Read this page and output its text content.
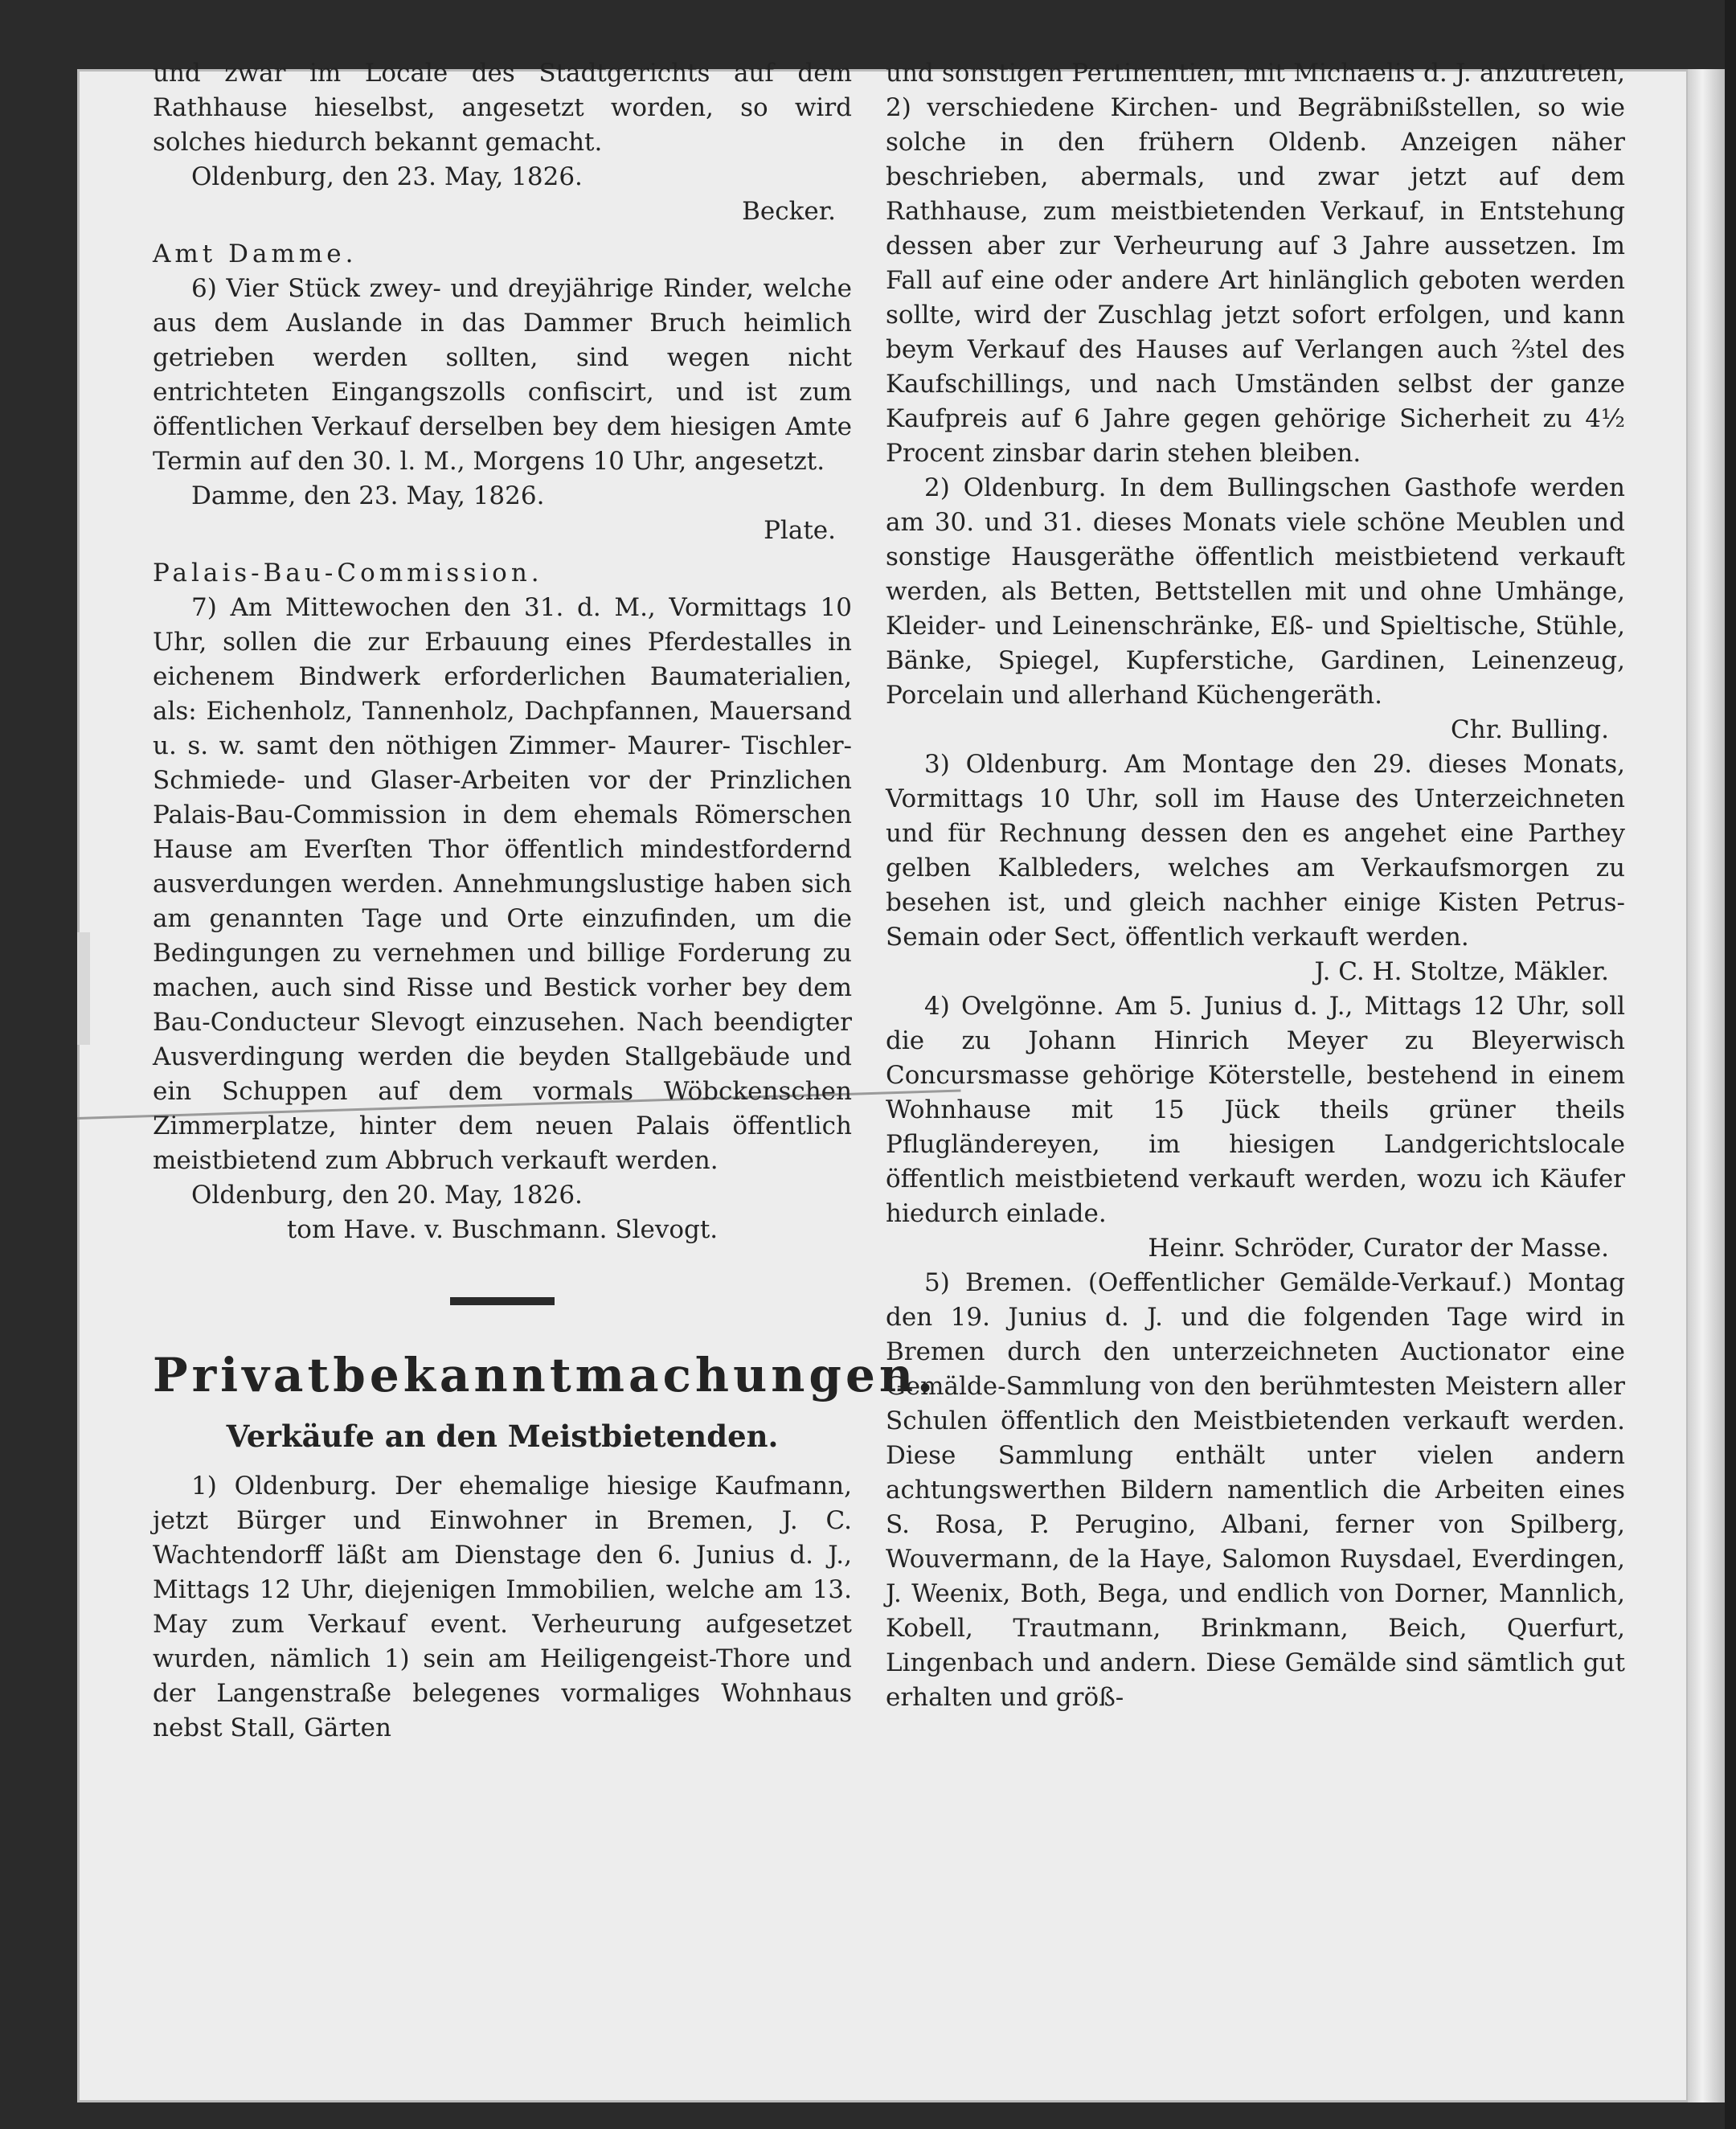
und zwar im Locale des Stadtgerichts auf dem Rathhause hieselbst, angesetzt worden, so wird solches hiedurch bekannt gemacht.

Oldenburg, den 23. May, 1826.

Becker.

Amt Damme.

6) Vier Stück zwey- und dreyjährige Rinder, welche aus dem Auslande in das Dammer Bruch heimlich getrieben werden sollten, sind wegen nicht entrichteten Eingangszolls confiscirt, und ist zum öffentlichen Verkauf derselben bey dem hiesigen Amte Termin auf den 30. l. M., Morgens 10 Uhr, angesetzt.

Damme, den 23. May, 1826.

Plate.

Palais-Bau-Commission.

7) Am Mittewochen den 31. d. M., Vormittags 10 Uhr, sollen die zur Erbauung eines Pferdestalles in eichenem Bindwerk erforderlichen Baumaterialien, als: Eichenholz, Tannenholz, Dachpfannen, Mauersand u. s. w. samt den nöthigen Zimmer- Maurer- Tischler- Schmiede- und Glaser-Arbeiten vor der Prinzlichen Palais-Bau-Commission in dem ehemals Römerschen Hause am Everſten Thor öffentlich mindestfordernd ausverdungen werden. Annehmungslustige haben sich am genannten Tage und Orte einzufinden, um die Bedingungen zu vernehmen und billige Forderung zu machen, auch sind Risse und Bestick vorher bey dem Bau-Conducteur Slevogt einzusehen. Nach beendigter Ausverdingung werden die beyden Stallgebäude und ein Schuppen auf dem vormals Wöbckenschen Zimmerplatze, hinter dem neuen Palais öffentlich meistbietend zum Abbruch verkauft werden.

Oldenburg, den 20. May, 1826.

tom Have. v. Buschmann. Slevogt.

Privatbekanntmachungen.

Verkäufe an den Meistbietenden.

1) Oldenburg. Der ehemalige hiesige Kaufmann, jetzt Bürger und Einwohner in Bremen, J. C. Wachtendorff läßt am Dienstage den 6. Junius d. J., Mittags 12 Uhr, diejenigen Immobilien, welche am 13. May zum Verkauf event. Verheurung aufgesetzet wurden, nämlich 1) sein am Heiligengeist-Thore und der Langenstraße belegenes vormaliges Wohnhaus nebst Stall, Gärten

und sonstigen Pertinentien, mit Michaelis d. J. anzutreten, 2) verschiedene Kirchen- und Begräbnißstellen, so wie solche in den frühern Oldenb. Anzeigen näher beschrieben, abermals, und zwar jetzt auf dem Rathhause, zum meistbietenden Verkauf, in Entstehung dessen aber zur Verheurung auf 3 Jahre aussetzen. Im Fall auf eine oder andere Art hinlänglich geboten werden sollte, wird der Zuschlag jetzt sofort erfolgen, und kann beym Verkauf des Hauses auf Verlangen auch ⅔tel des Kaufschillings, und nach Umständen selbst der ganze Kaufpreis auf 6 Jahre gegen gehörige Sicherheit zu 4½ Procent zinsbar darin stehen bleiben.

2) Oldenburg. In dem Bullingschen Gasthofe werden am 30. und 31. dieses Monats viele schöne Meublen und sonstige Hausgeräthe öffentlich meistbietend verkauft werden, als Betten, Bettstellen mit und ohne Umhänge, Kleider- und Leinenschränke, Eß- und Spieltische, Stühle, Bänke, Spiegel, Kupferstiche, Gardinen, Leinenzeug, Porcelain und allerhand Küchengeräth.

Chr. Bulling.

3) Oldenburg. Am Montage den 29. dieses Monats, Vormittags 10 Uhr, soll im Hause des Unterzeichneten und für Rechnung dessen den es angehet eine Parthey gelben Kalbleders, welches am Verkaufsmorgen zu besehen ist, und gleich nachher einige Kisten Petrus-Semain oder Sect, öffentlich verkauft werden.

J. C. H. Stoltze, Mäkler.

4) Ovelgönne. Am 5. Junius d. J., Mittags 12 Uhr, soll die zu Johann Hinrich Meyer zu Bleyerwisch Concursmasse gehörige Köterstelle, bestehend in einem Wohnhause mit 15 Jück theils grüner theils Pflugländereyen, im hiesigen Landgerichtslocale öffentlich meistbietend verkauft werden, wozu ich Käufer hiedurch einlade.

Heinr. Schröder, Curator der Masse.

5) Bremen. (Oeffentlicher Gemälde-Verkauf.) Montag den 19. Junius d. J. und die folgenden Tage wird in Bremen durch den unterzeichneten Auctionator eine Gemälde-Sammlung von den berühmtesten Meistern aller Schulen öffentlich den Meistbietenden verkauft werden. Diese Sammlung enthält unter vielen andern achtungswerthen Bildern namentlich die Arbeiten eines S. Rosa, P. Perugino, Albani, ferner von Spilberg, Wouvermann, de la Haye, Salomon Ruysdael, Everdingen, J. Weenix, Both, Bega, und endlich von Dorner, Mannlich, Kobell, Trautmann, Brinkmann, Beich, Querfurt, Lingenbach und andern. Diese Gemälde sind sämtlich gut erhalten und größ-
